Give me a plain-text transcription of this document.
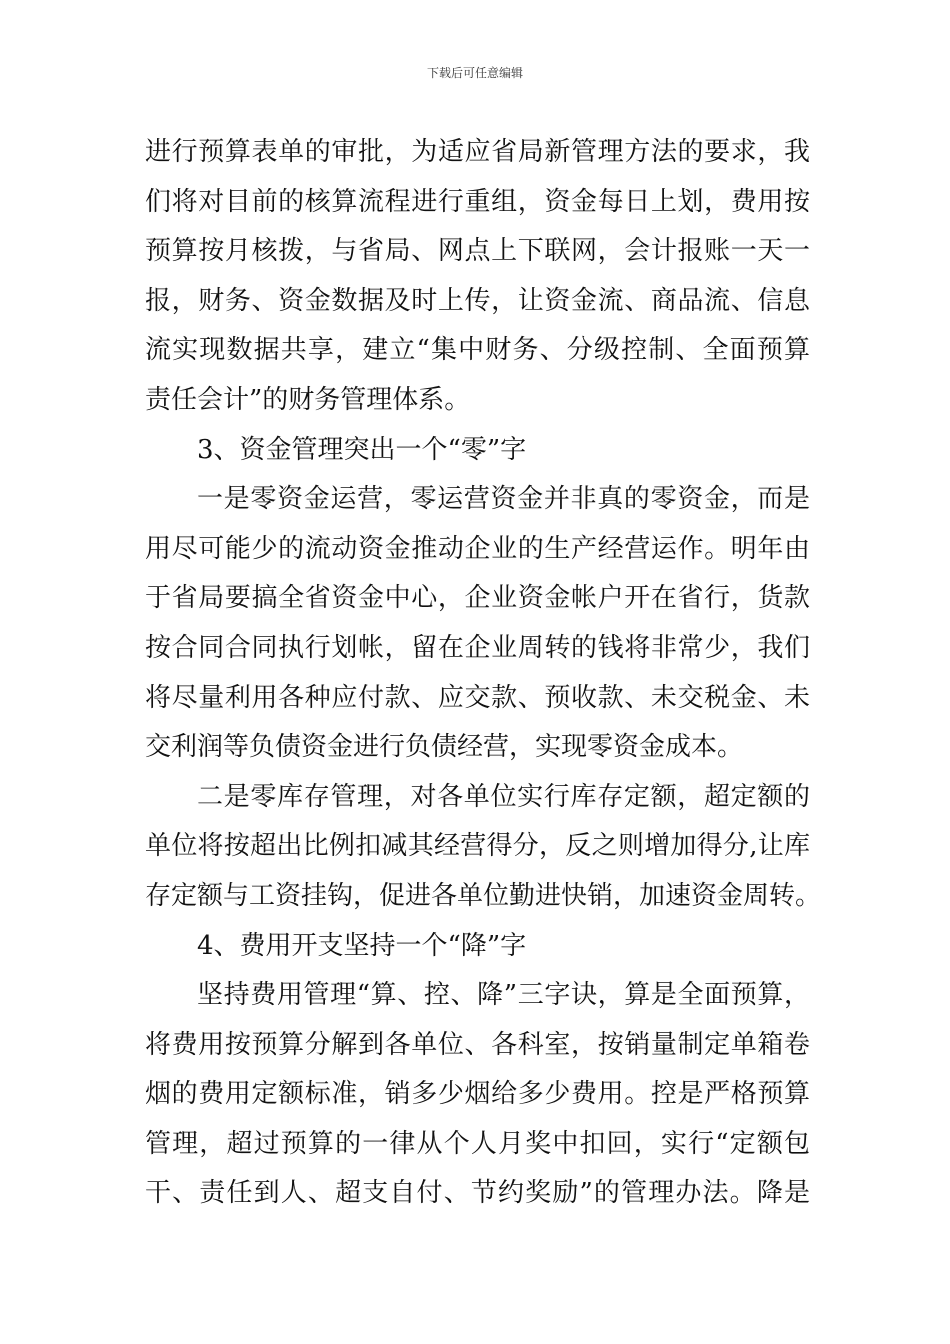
下载后可任意编辑
进行预算表单的审批，为适应省局新管理方法的要求，我
们将对目前的核算流程进行重组，资金每日上划，费用按
预算按月核拨，与省局、网点上下联网，会计报账一天一
报，财务、资金数据及时上传，让资金流、商品流、信息
流实现数据共享，建立“集中财务、分级控制、全面预算
责任会计”的财务管理体系。
3、资金管理突出一个“零”字
一是零资金运营，零运营资金并非真的零资金，而是
用尽可能少的流动资金推动企业的生产经营运作。明年由
于省局要搞全省资金中心，企业资金帐户开在省行，货款
按合同合同执行划帐，留在企业周转的钱将非常少，我们
将尽量利用各种应付款、应交款、预收款、未交税金、未
交利润等负债资金进行负债经营，实现零资金成本。
二是零库存管理，对各单位实行库存定额，超定额的
单位将按超出比例扣减其经营得分，反之则增加得分,让库
存定额与工资挂钩，促进各单位勤进快销，加速资金周转。
4、费用开支坚持一个“降”字
坚持费用管理“算、控、降”三字诀，算是全面预算，
将费用按预算分解到各单位、各科室，按销量制定单箱卷
烟的费用定额标准，销多少烟给多少费用。控是严格预算
管理，超过预算的一律从个人月奖中扣回，实行“定额包
干、责任到人、超支自付、节约奖励”的管理办法。降是
